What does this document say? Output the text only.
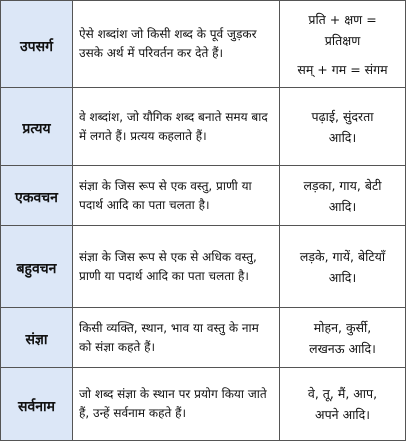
उपसर्ग	ऐसे शब्दांश जो किसी शब्द के पूर्व जुड़कर उसके अर्थ में परिवर्तन कर देते हैं।	प्रति + क्षण =
प्रतिक्षण
सम् + गम = संगम

प्रत्यय	वे शब्दांश, जो यौगिक शब्द बनाते समय बाद में लगते हैं। प्रत्यय कहलाते हैं।	पढ़ाई, सुंदरता
आदि।

एकवचन	संज्ञा के जिस रूप से एक वस्तु, प्राणी या पदार्थ आदि का पता चलता है।	लड़का, गाय, बेटी
आदि।

बहुवचन	संज्ञा के जिस रूप से एक से अधिक वस्तु, प्राणी या पदार्थ आदि का पता चलता है।	लड़के, गायें, बेटियाँ
आदि।

संज्ञा	किसी व्यक्ति, स्थान, भाव या वस्तु के नाम को संज्ञा कहते हैं।	मोहन, कुर्सी,
लखनऊ आदि।

सर्वनाम	जो शब्द संज्ञा के स्थान पर प्रयोग किया जाते हैं, उन्हें सर्वनाम कहते हैं।	वे, तू, मैं, आप,
अपने आदि।
